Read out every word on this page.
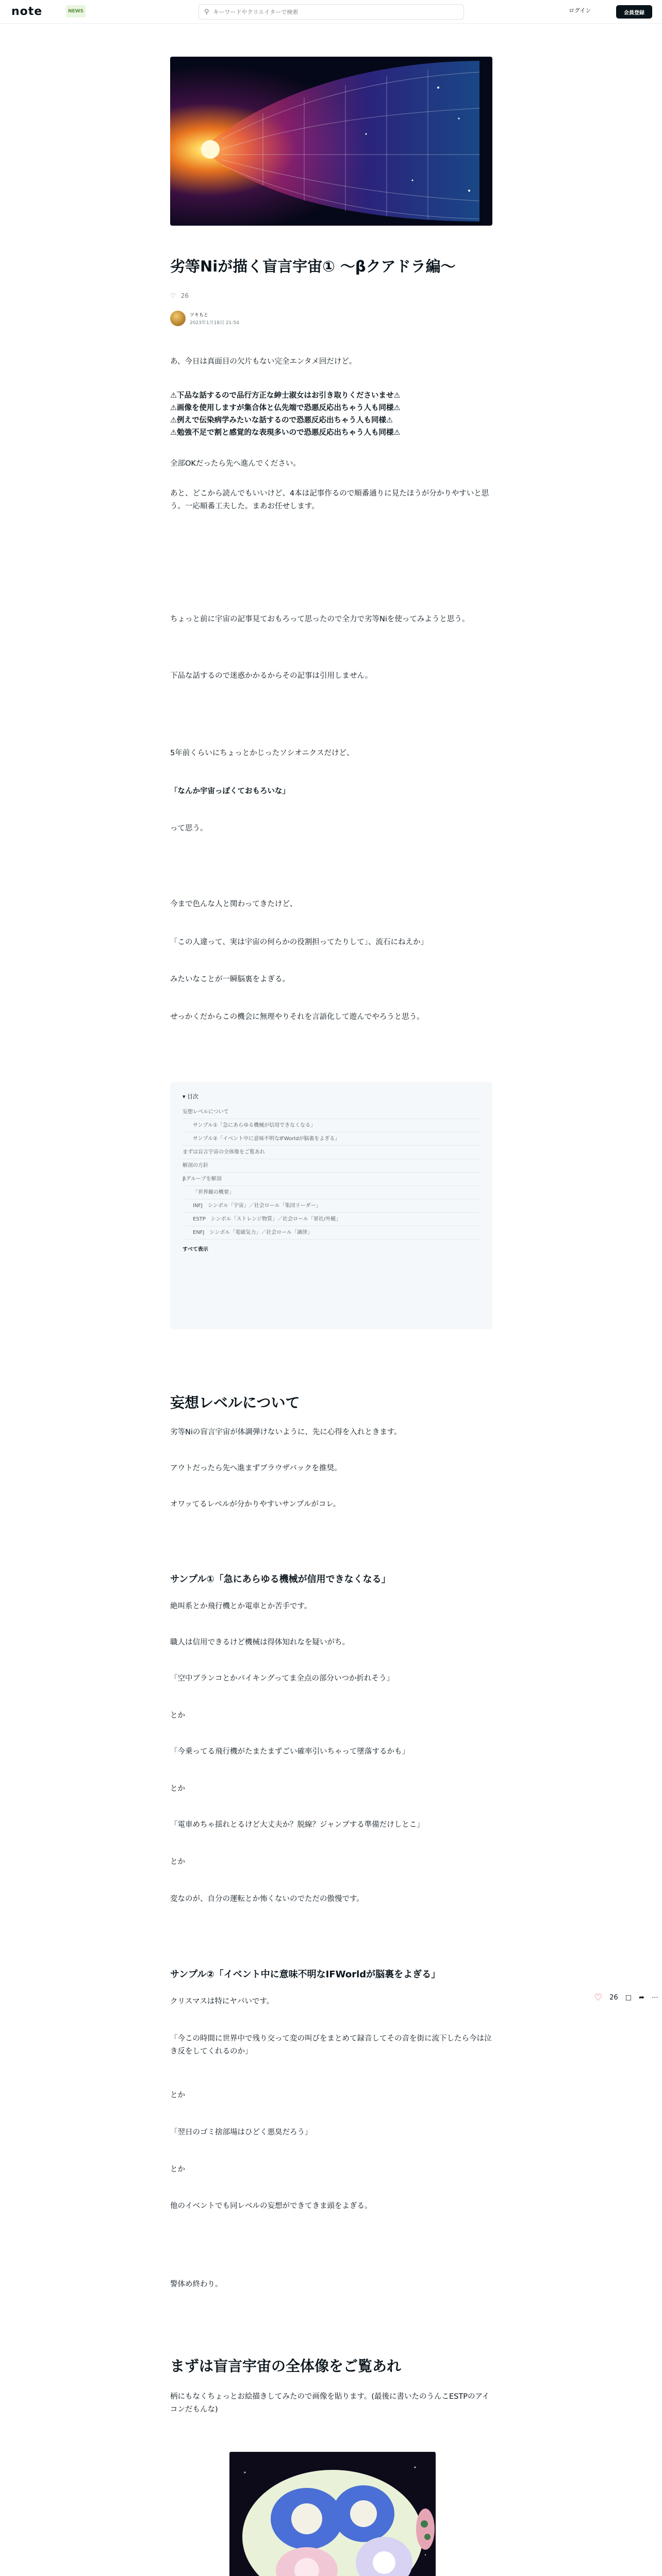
note	NEWS	⚲
キーワードやクリエイターで検索	ログイン	会員登録
劣等Niが描く盲言宇宙① 〜βクアドラ編〜
♡ 26
ツキもと
2023年1月18日 21:54
あ、今日は真面目の欠片もない完全エンタメ回だけど。
⚠下品な話するので品行方正な紳士淑女はお引き取りくださいませ⚠
⚠画像を使用しますが集合体と仏先端で恐悪反応出ちゃう人も同様⚠
⚠例えで伝染病学みたいな話するので恐悪反応出ちゃう人も同様⚠
⚠勉強不足で割と感覚的な表現多いので恐悪反応出ちゃう人も同様⚠
全部OKだったら先へ進んでください。
あと、どこから読んでもいいけど、4本は記事作るので順番通りに見たほうが分かりやすいと思う。一応順番工夫した。まあお任せします。
ちょっと前に宇宙の記事見ておもろって思ったので全力で劣等Niを使ってみようと思う。
下品な話するので迷惑かかるからその記事は引用しません。
5年前くらいにちょっとかじったソシオニクスだけど、
「なんか宇宙っぽくておもろいな」
って思う。
今まで色んな人と関わってきたけど、
「この人違って、実は宇宙の何らかの役割担ってたりして」、流石にねえか」
みたいなことが一瞬脳裏をよぎる。
せっかくだからこの機会に無理やりそれを言語化して遊んでやろうと思う。
▾ 目次
妄想レベルについて
サンプル①「急にあらゆる機械が信用できなくなる」
サンプル②「イベント中に意味不明なIFWorldが脳裏をよぎる」
まずは盲言宇宙の全体像をご覧あれ
解剖の方針
βグループを解剖
「世界観の概要」
INFJ　シンボル「宇宙」／社会ロール「集団リーダー」
ESTP　シンボル「ストレンジ物質」／社会ロール「軍社/外観」
ENFJ　シンボル「電磁気力」／社会ロール「調律」
すべて表示
妄想レベルについて
劣等Niの盲言宇宙が体調弾けないように、先に心得を入れときます。
アウトだったら先へ進まずブラウザバックを推奨。
オワッてるレベルが分かりやすいサンプルがコレ。
サンプル①「急にあらゆる機械が信用できなくなる」
絶叫系とか飛行機とか電車とか苦手です。
職人は信用できるけど機械は得体知れなを疑いがち。
「空中ブランコとかパイキングってま全点の部分いつか折れそう」
とか
「今乗ってる飛行機がたまたまずごい確率引いちゃって墜落するかも」
とか
「電車めちゃ揺れとるけど大丈夫か？脱線？ジャンプする準備だけしとこ」
とか
変なのが、自分の運転とか怖くないのでただの傲慢です。
サンプル②「イベント中に意味不明なIFWorldが脳裏をよぎる」
クリスマスは特にヤバいです。
「今この時間に世界中で残り交って変の叫びをまとめて録音してその音を街に流下したら今は泣き反をしてくれるのか」
とか
「翌日のゴミ捨部場はひどく悪臭だろう」
とか
他のイベントでも同レベルの妄想ができてきま頭をよぎる。
警体め終わり。
♡ 26 □ ➦ ⋯
まずは盲言宇宙の全体像をご覧あれ
柄にもなくちょっとお絵描きしてみたので画像を貼ります。(最後に書いたのうんこESTPのアイコンだもんな)
